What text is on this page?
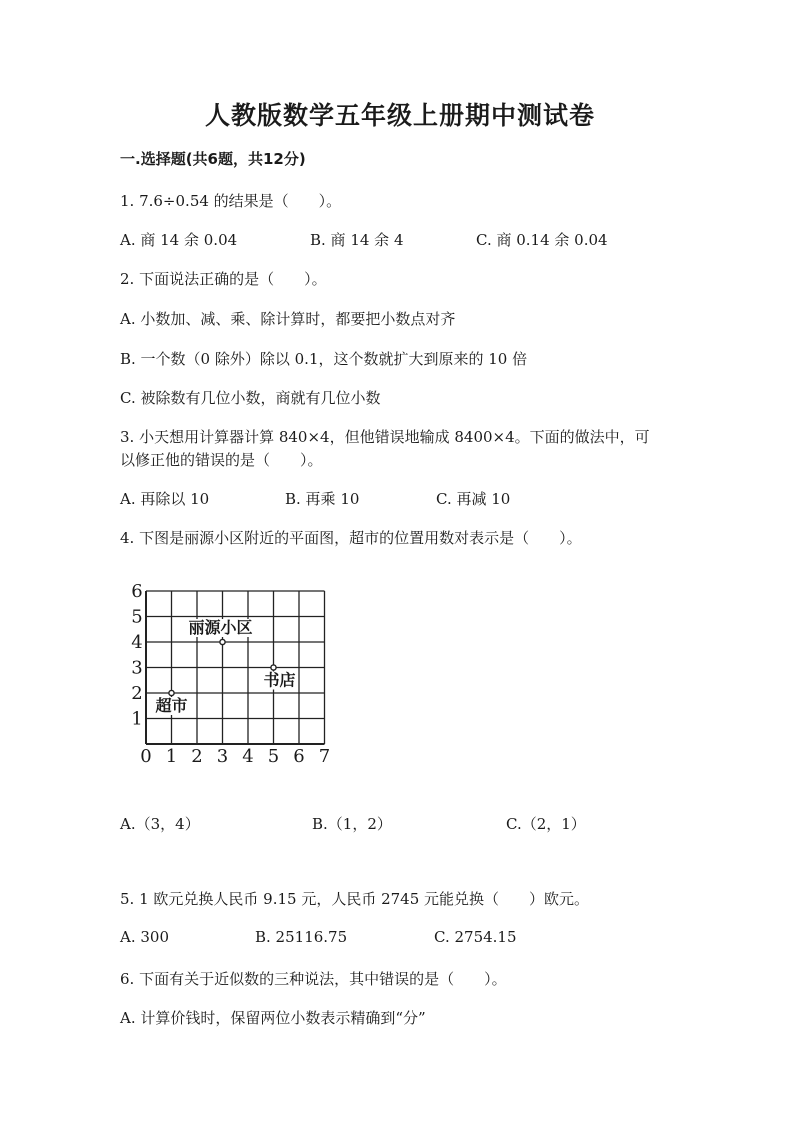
人教版数学五年级上册期中测试卷
一.选择题(共6题，共12分)
1. 7.6÷0.54 的结果是（　　）。
A. 商 14 余 0.04	B. 商 14 余 4	C. 商 0.14 余 0.04
2. 下面说法正确的是（　　）。
A. 小数加、减、乘、除计算时，都要把小数点对齐
B. 一个数（0 除外）除以 0.1，这个数就扩大到原来的 10 倍
C. 被除数有几位小数，商就有几位小数
3. 小天想用计算器计算 840×4，但他错误地输成 8400×4。下面的做法中，可
以修正他的错误的是（　　）。
A. 再除以 10	B. 再乘 10	C. 再减 10
4. 下图是丽源小区附近的平面图，超市的位置用数对表示是（　　）。
0 1 2 3 4 5 6 7
1
2
3
4
5
6
丽源小区
书店
超市
A.（3，4）	B.（1，2）	C.（2，1）
5. 1 欧元兑换人民币 9.15 元，人民币 2745 元能兑换（　　）欧元。
A. 300	B. 25116.75	C. 2754.15
6. 下面有关于近似数的三种说法，其中错误的是（　　）。
A. 计算价钱时，保留两位小数表示精确到“分”
